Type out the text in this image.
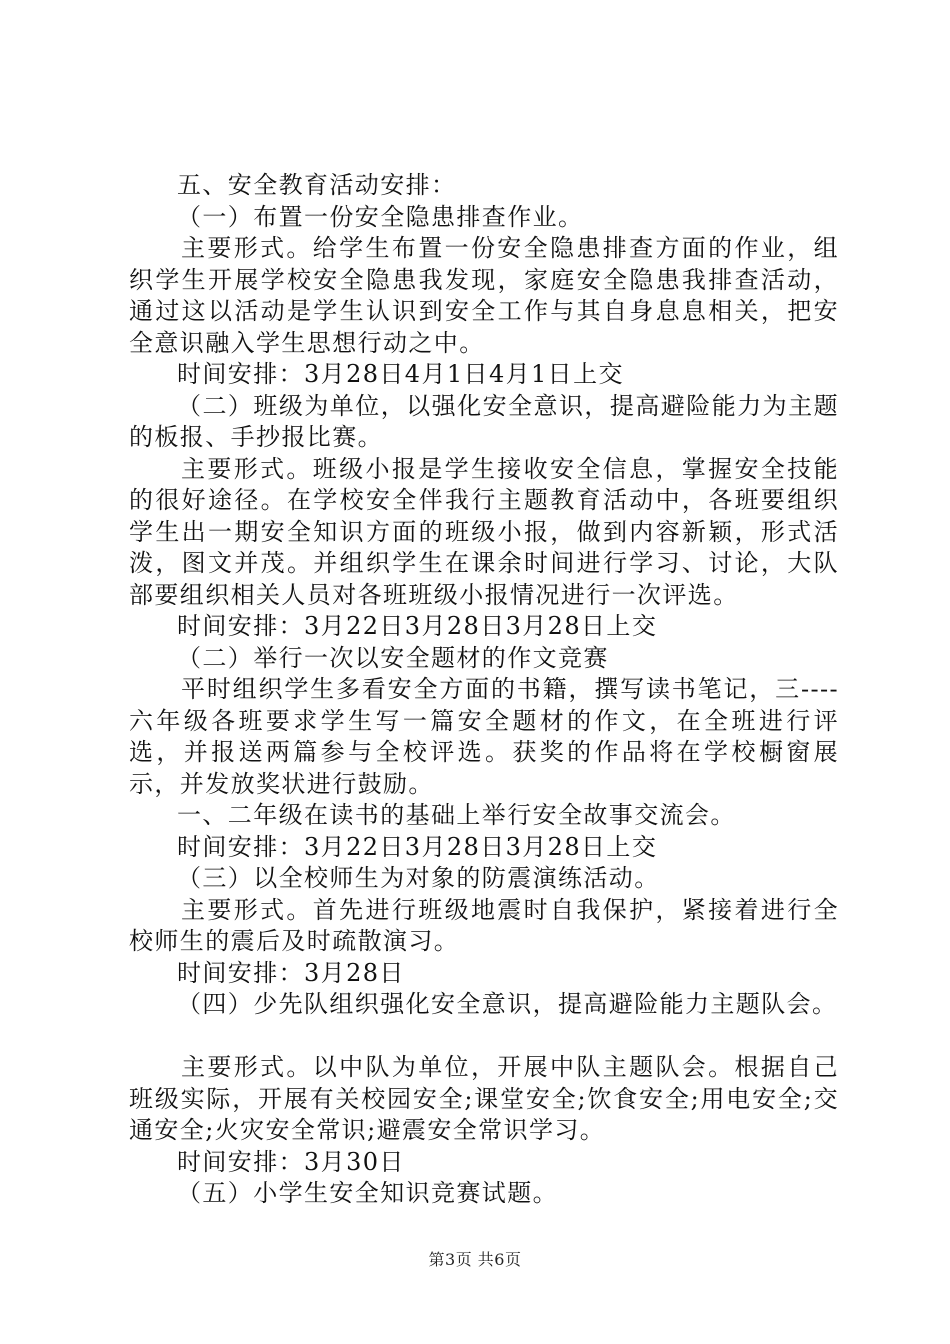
五、安全教育活动安排：

（一）布置一份安全隐患排查作业。

主要形式。给学生布置一份安全隐患排查方面的作业，组织学生开展学校安全隐患我发现，家庭安全隐患我排查活动，通过这以活动是学生认识到安全工作与其自身息息相关，把安全意识融入学生思想行动之中。

时间安排：3月28日4月1日4月1日上交

（二）班级为单位，以强化安全意识，提高避险能力为主题的板报、手抄报比赛。

主要形式。班级小报是学生接收安全信息，掌握安全技能的很好途径。在学校安全伴我行主题教育活动中，各班要组织学生出一期安全知识方面的班级小报，做到内容新颖，形式活泼，图文并茂。并组织学生在课余时间进行学习、讨论，大队部要组织相关人员对各班班级小报情况进行一次评选。

时间安排：3月22日3月28日3月28日上交

（二）举行一次以安全题材的作文竞赛

平时组织学生多看安全方面的书籍，撰写读书笔记，三----六年级各班要求学生写一篇安全题材的作文，在全班进行评选，并报送两篇参与全校评选。获奖的作品将在学校橱窗展示，并发放奖状进行鼓励。

一、二年级在读书的基础上举行安全故事交流会。

时间安排：3月22日3月28日3月28日上交

（三）以全校师生为对象的防震演练活动。

主要形式。首先进行班级地震时自我保护，紧接着进行全校师生的震后及时疏散演习。

时间安排：3月28日

（四）少先队组织强化安全意识，提高避险能力主题队会。

主要形式。以中队为单位，开展中队主题队会。根据自己班级实际，开展有关校园安全;课堂安全;饮食安全;用电安全;交通安全;火灾安全常识;避震安全常识学习。

时间安排：3月30日

（五）小学生安全知识竞赛试题。

第3页 共6页
